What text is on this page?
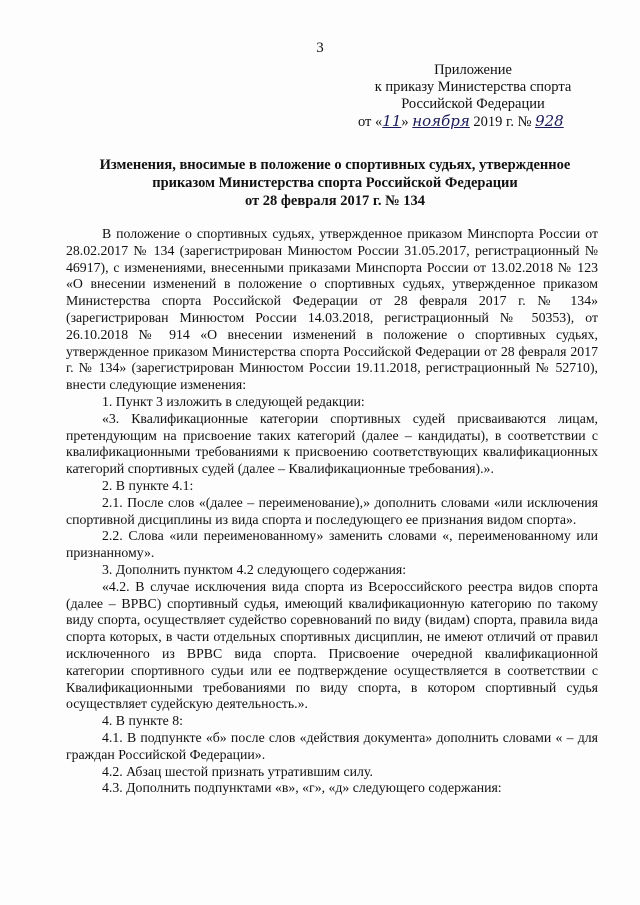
3
Приложение
к приказу Министерства спорта
Российской Федерации
от «11» ноября 2019 г. № 928
Изменения, вносимые в положение о спортивных судьях, утвержденное
приказом Министерства спорта Российской Федерации
от 28 февраля 2017 г. № 134

В положение о спортивных судьях, утвержденное приказом Минспорта России от 28.02.2017 № 134 (зарегистрирован Минюстом России 31.05.2017, регистрационный № 46917), с изменениями, внесенными приказами Минспорта России от 13.02.2018 № 123 «О внесении изменений в положение о спортивных судьях, утвержденное приказом Министерства спорта Российской Федерации от 28 февраля 2017 г. № 134» (зарегистрирован Минюстом России 14.03.2018, регистрационный № 50353), от 26.10.2018 № 914 «О внесении изменений в положение о спортивных судьях, утвержденное приказом Министерства спорта Российской Федерации от 28 февраля 2017 г. № 134» (зарегистрирован Минюстом России 19.11.2018, регистрационный № 52710), внести следующие изменения:

1. Пункт 3 изложить в следующей редакции:

«3. Квалификационные категории спортивных судей присваиваются лицам, претендующим на присвоение таких категорий (далее – кандидаты), в соответствии с квалификационными требованиями к присвоению соответствующих квалификационных категорий спортивных судей (далее – Квалификационные требования).».

2. В пункте 4.1:

2.1. После слов «(далее – переименование),» дополнить словами «или исключения спортивной дисциплины из вида спорта и последующего ее признания видом спорта».

2.2. Слова «или переименованному» заменить словами «, переименованному или признанному».

3. Дополнить пунктом 4.2 следующего содержания:

«4.2. В случае исключения вида спорта из Всероссийского реестра видов спорта (далее – ВРВС) спортивный судья, имеющий квалификационную категорию по такому виду спорта, осуществляет судейство соревнований по виду (видам) спорта, правила вида спорта которых, в части отдельных спортивных дисциплин, не имеют отличий от правил исключенного из ВРВС вида спорта. Присвоение очередной квалификационной категории спортивного судьи или ее подтверждение осуществляется в соответствии с Квалификационными требованиями по виду спорта, в котором спортивный судья осуществляет судейскую деятельность.».

4. В пункте 8:

4.1. В подпункте «б» после слов «действия документа» дополнить словами « – для граждан Российской Федерации».

4.2. Абзац шестой признать утратившим силу.

4.3. Дополнить подпунктами «в», «г», «д» следующего содержания:
